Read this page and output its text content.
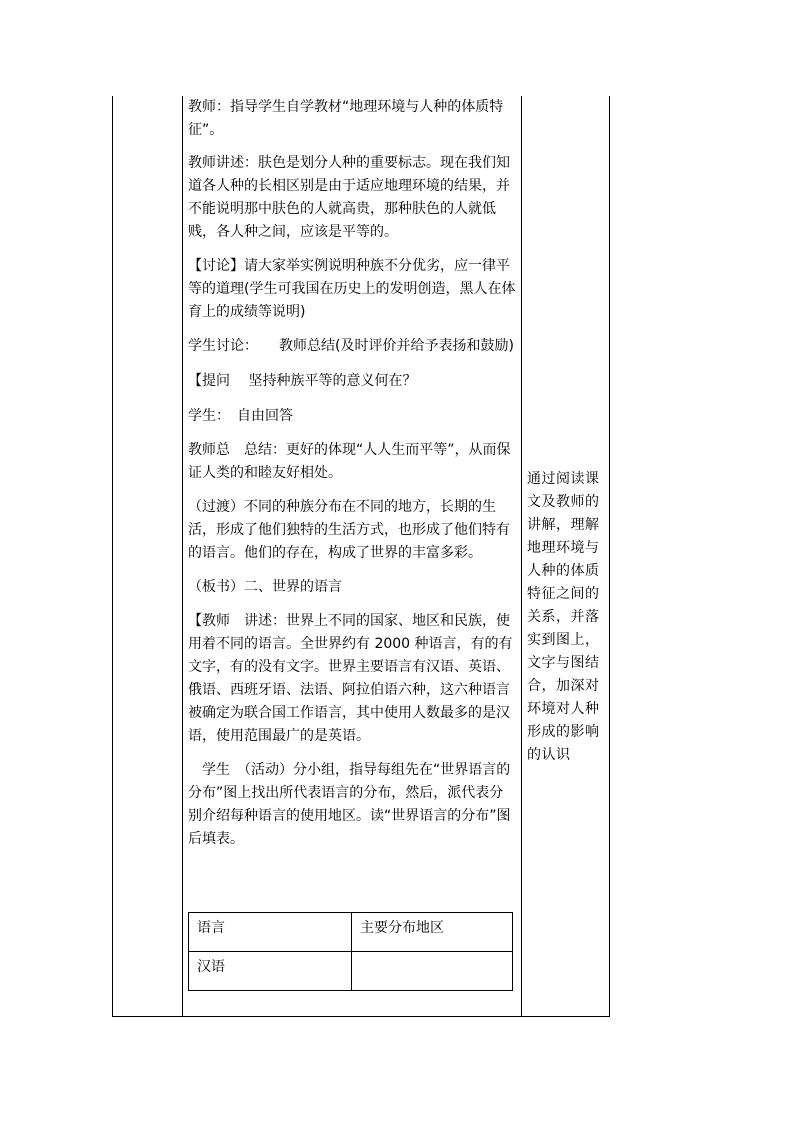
教师：指导学生自学教材“地理环境与人种的体质特征”。

教师讲述：肤色是划分人种的重要标志。现在我们知道各人种的长相区别是由于适应地理环境的结果，并不能说明那中肤色的人就高贵，那种肤色的人就低贱，各人种之间，应该是平等的。

【讨论】请大家举实例说明种族不分优劣，应一律平等的道理(学生可我国在历史上的发明创造，黑人在体育上的成绩等说明)

学生讨论：　　教师总结(及时评价并给予表扬和鼓励)

【提问　 坚持种族平等的意义何在？

学生：　自由回答

教师总　总结：更好的体现“人人生而平等”，从而保证人类的和睦友好相处。

（过渡）不同的种族分布在不同的地方，长期的生活，形成了他们独特的生活方式，也形成了他们特有的语言。他们的存在，构成了世界的丰富多彩。

（板书）二、世界的语言

【教师　讲述：世界上不同的国家、地区和民族，使用着不同的语言。全世界约有 2000 种语言，有的有文字，有的没有文字。世界主要语言有汉语、英语、俄语、西班牙语、法语、阿拉伯语六种，这六种语言被确定为联合国工作语言，其中使用人数最多的是汉语，使用范围最广的是英语。

　学生　（活动）分小组，指导每组先在“世界语言的分布”图上找出所代表语言的分布，然后，派代表分别介绍每种语言的使用地区。读“世界语言的分布”图后填表。

通过阅读课文及教师的讲解，理解地理环境与人种的体质特征之间的关系，并落实到图上，文字与图结合，加深对环境对人种形成的影响的认识
语言	主要分布地区
汉语	
